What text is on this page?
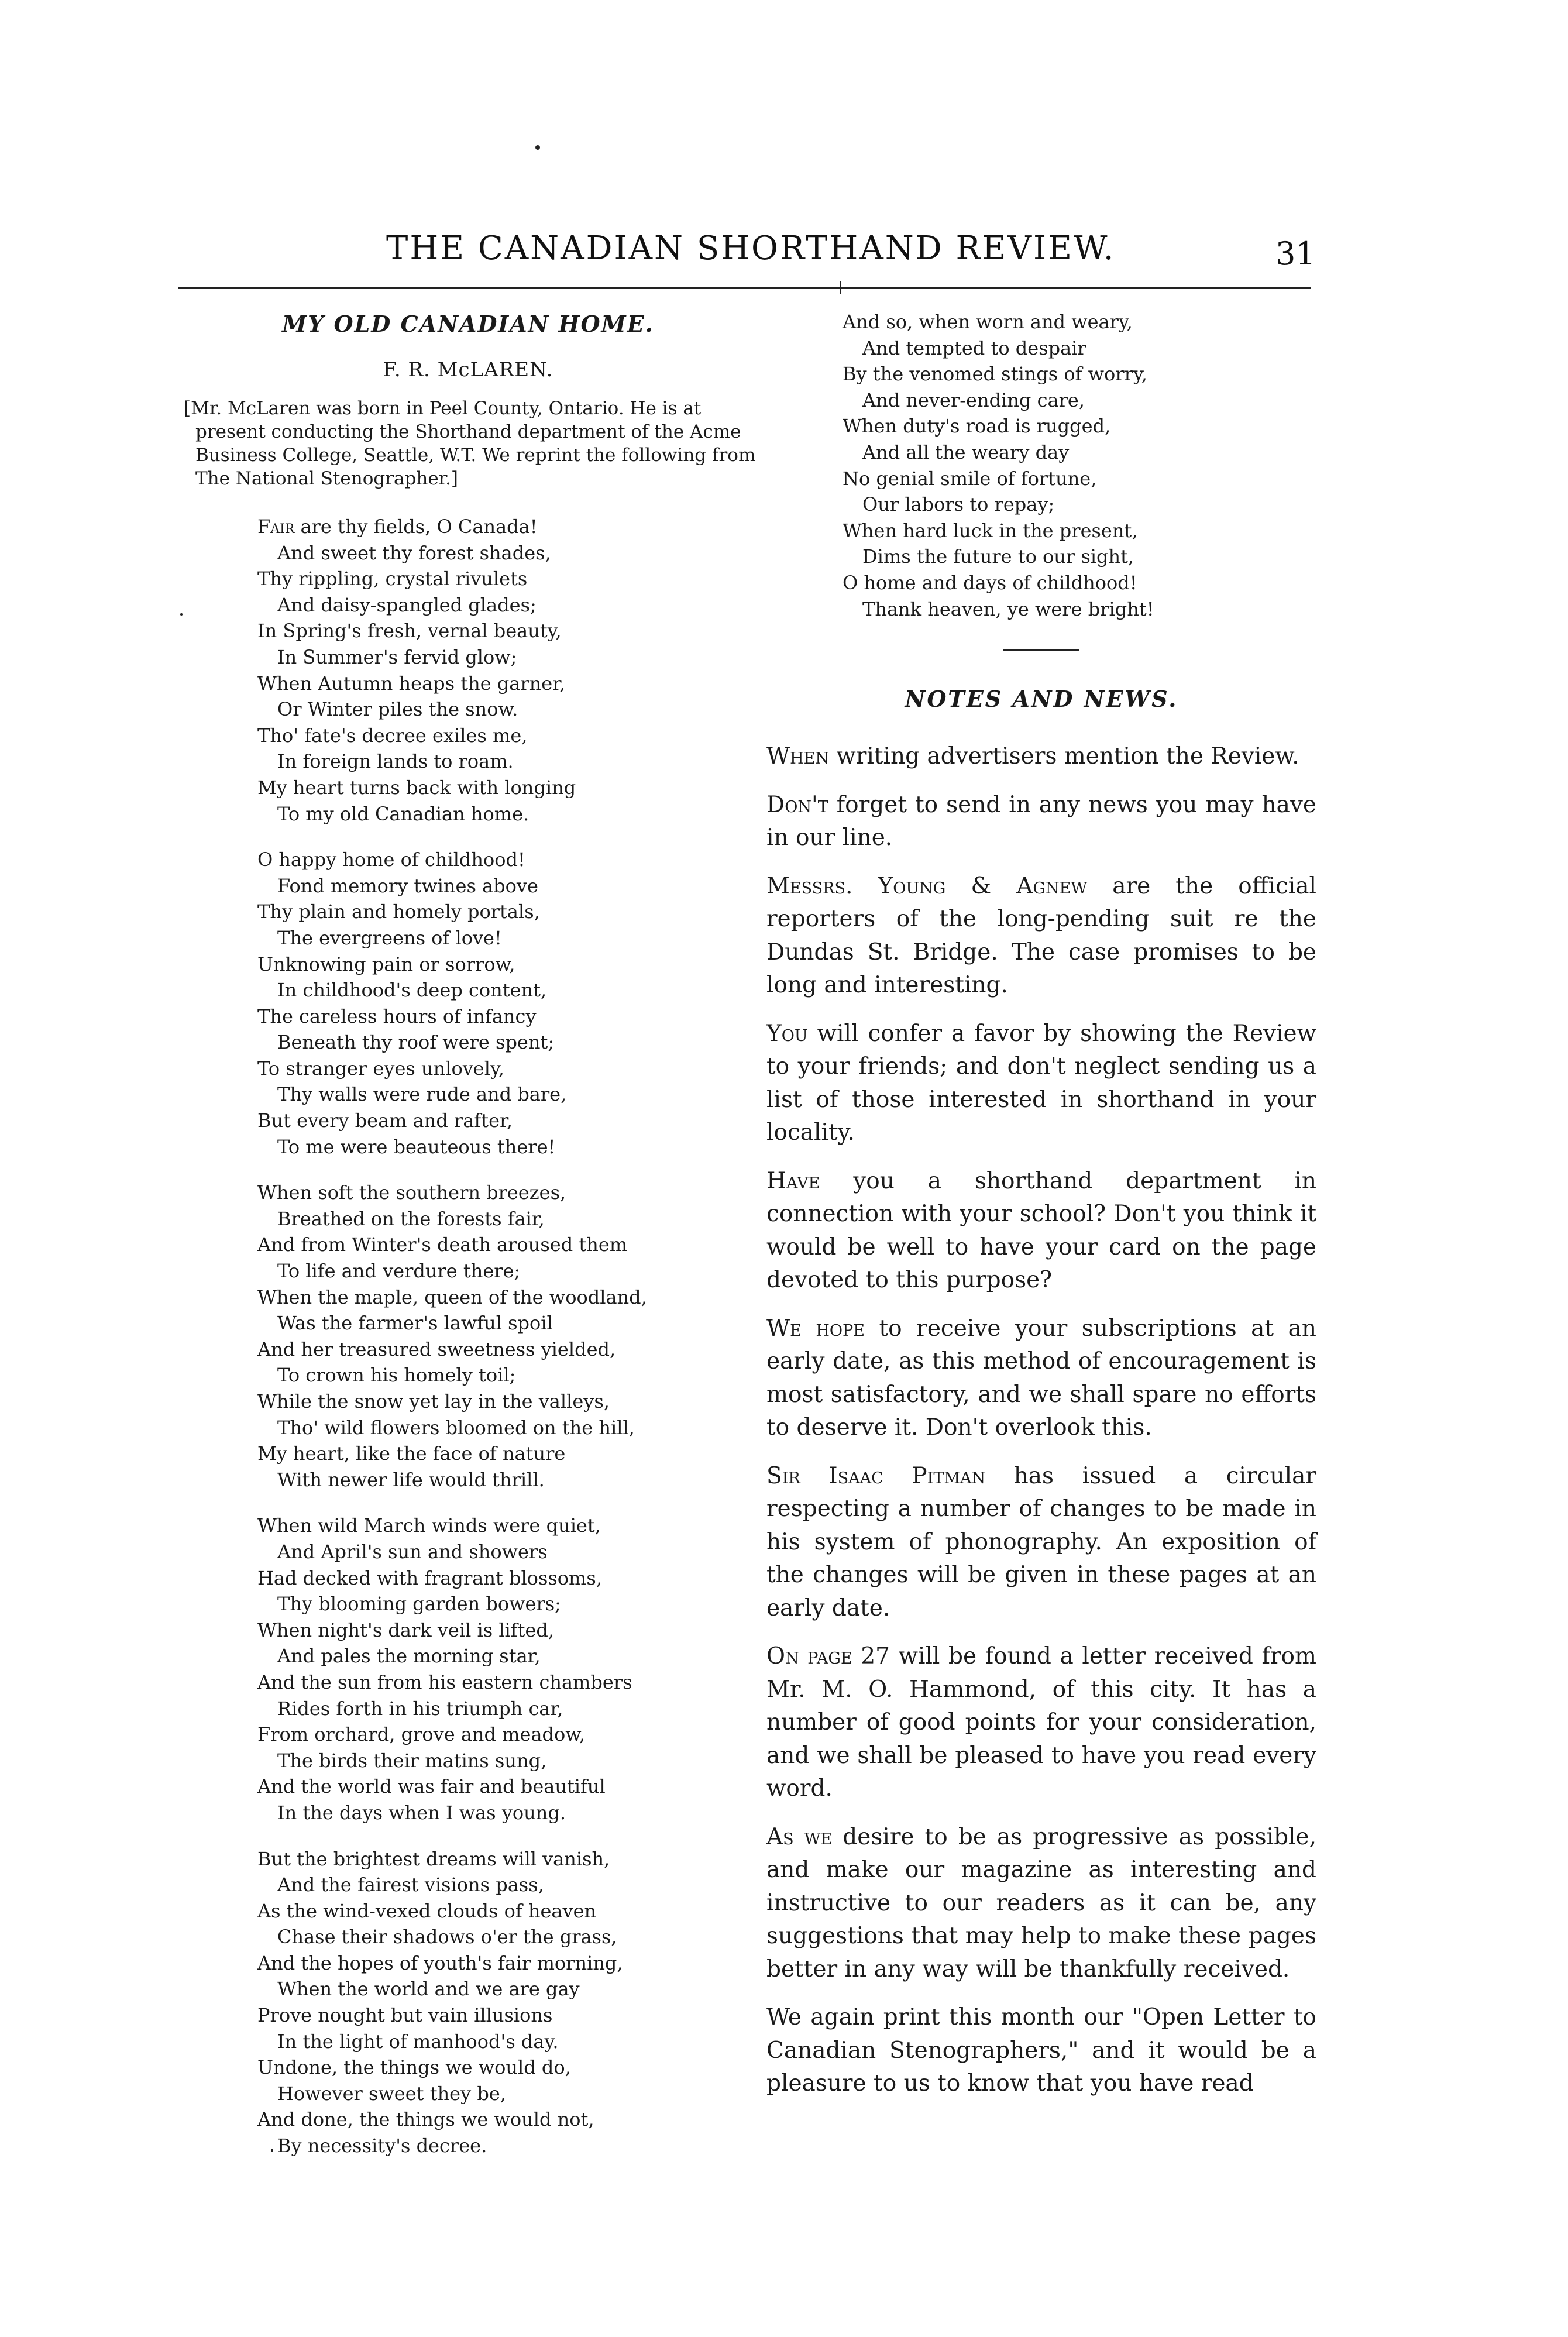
THE CANADIAN SHORTHAND REVIEW.	31
MY OLD CANADIAN HOME.
F. R. McLAREN.
[Mr. McLaren was born in Peel County, Ontario. He is at present conducting the Shorthand department of the Acme Business College, Seattle, W.T. We reprint the following from The National Stenographer.]
Fair are thy fields, O Canada!
And sweet thy forest shades,
Thy rippling, crystal rivulets
And daisy-spangled glades;
In Spring's fresh, vernal beauty,
In Summer's fervid glow;
When Autumn heaps the garner,
Or Winter piles the snow.
Tho' fate's decree exiles me,
In foreign lands to roam.
My heart turns back with longing
To my old Canadian home.
O happy home of childhood!
Fond memory twines above
Thy plain and homely portals,
The evergreens of love!
Unknowing pain or sorrow,
In childhood's deep content,
The careless hours of infancy
Beneath thy roof were spent;
To stranger eyes unlovely,
Thy walls were rude and bare,
But every beam and rafter,
To me were beauteous there!
When soft the southern breezes,
Breathed on the forests fair,
And from Winter's death aroused them
To life and verdure there;
When the maple, queen of the woodland,
Was the farmer's lawful spoil
And her treasured sweetness yielded,
To crown his homely toil;
While the snow yet lay in the valleys,
Tho' wild flowers bloomed on the hill,
My heart, like the face of nature
With newer life would thrill.
When wild March winds were quiet,
And April's sun and showers
Had decked with fragrant blossoms,
Thy blooming garden bowers;
When night's dark veil is lifted,
And pales the morning star,
And the sun from his eastern chambers
Rides forth in his triumph car,
From orchard, grove and meadow,
The birds their matins sung,
And the world was fair and beautiful
In the days when I was young.
But the brightest dreams will vanish,
And the fairest visions pass,
As the wind-vexed clouds of heaven
Chase their shadows o'er the grass,
And the hopes of youth's fair morning,
When the world and we are gay
Prove nought but vain illusions
In the light of manhood's day.
Undone, the things we would do,
However sweet they be,
And done, the things we would not,
By necessity's decree.
And so, when worn and weary,
And tempted to despair
By the venomed stings of worry,
And never-ending care,
When duty's road is rugged,
And all the weary day
No genial smile of fortune,
Our labors to repay;
When hard luck in the present,
Dims the future to our sight,
O home and days of childhood!
Thank heaven, ye were bright!
NOTES AND NEWS.

When writing advertisers mention the Review.

Don't forget to send in any news you may have in our line.

Messrs. Young & Agnew are the official reporters of the long-pending suit re the Dundas St. Bridge. The case promises to be long and interesting.

You will confer a favor by showing the Review to your friends; and don't neglect sending us a list of those interested in shorthand in your locality.

Have you a shorthand department in connection with your school? Don't you think it would be well to have your card on the page devoted to this purpose?

We hope to receive your subscriptions at an early date, as this method of encouragement is most satisfactory, and we shall spare no efforts to deserve it. Don't overlook this.

Sir Isaac Pitman has issued a circular respecting a number of changes to be made in his system of phonography. An exposition of the changes will be given in these pages at an early date.

On page 27 will be found a letter received from Mr. M. O. Hammond, of this city. It has a number of good points for your consideration, and we shall be pleased to have you read every word.

As we desire to be as progressive as possible, and make our magazine as interesting and instructive to our readers as it can be, any suggestions that may help to make these pages better in any way will be thankfully received.

We again print this month our "Open Letter to Canadian Stenographers," and it would be a pleasure to us to know that you have read
